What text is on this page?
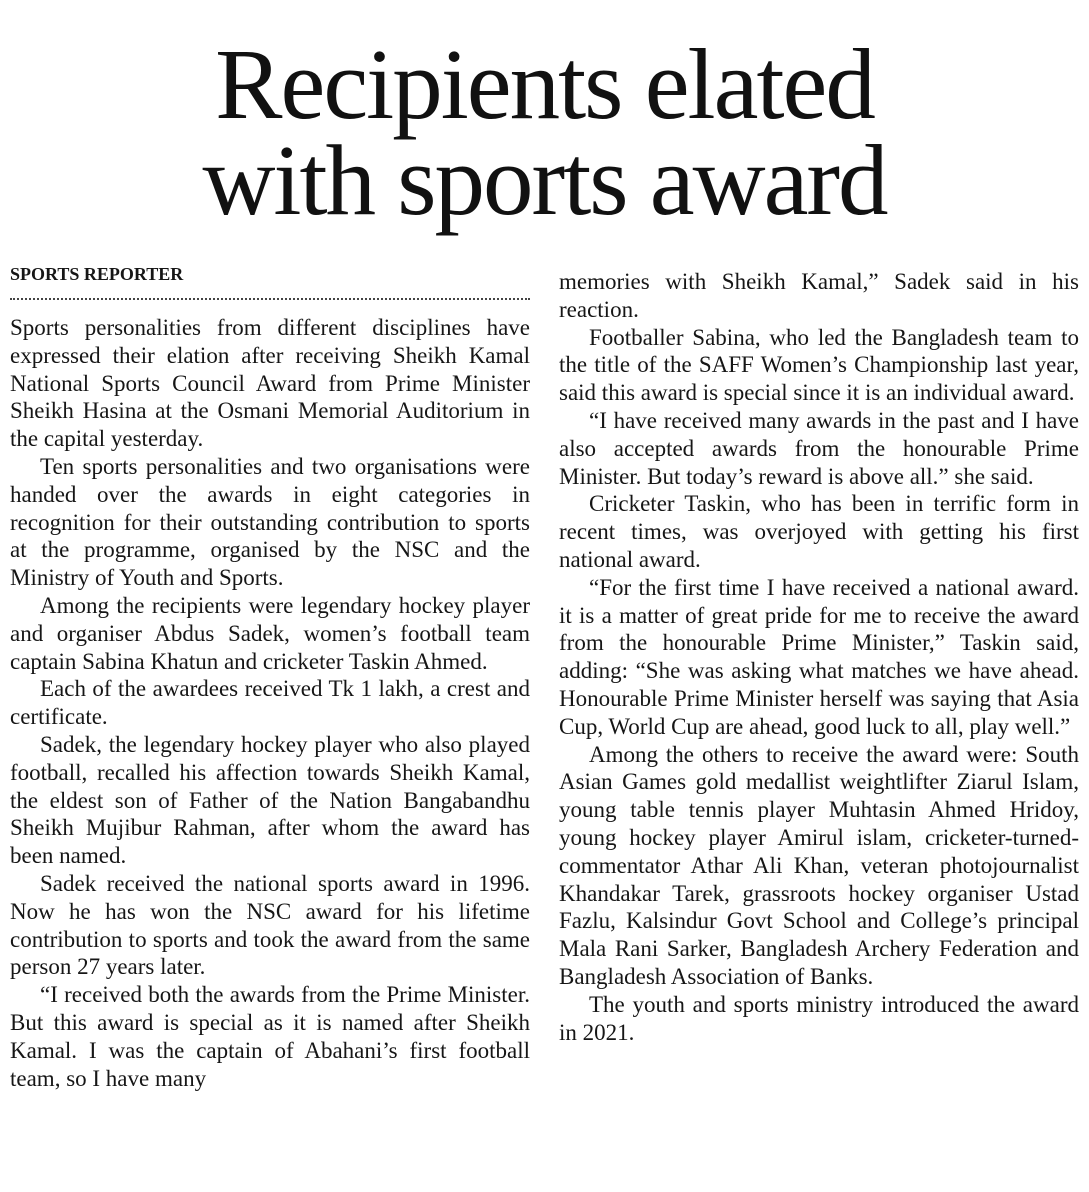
Recipients elated
with sports award
SPORTS REPORTER

Sports personalities from different disciplines have expressed their elation after receiving Sheikh Kamal National Sports Council Award from Prime Minister Sheikh Hasina at the Osmani Memorial Auditorium in the capital yesterday.

Ten sports personalities and two organisations were handed over the awards in eight categories in recognition for their outstanding contribution to sports at the programme, organised by the NSC and the Ministry of Youth and Sports.

Among the recipients were legendary hockey player and organiser Abdus Sadek, women’s football team captain Sabina Khatun and cricketer Taskin Ahmed.

Each of the awardees received Tk 1 lakh, a crest and certificate.

Sadek, the legendary hockey player who also played football, recalled his affection towards Sheikh Kamal, the eldest son of Father of the Nation Bangabandhu Sheikh Mujibur Rahman, after whom the award has been named.

Sadek received the national sports award in 1996. Now he has won the NSC award for his lifetime contribution to sports and took the award from the same person 27 years later.

“I received both the awards from the Prime Minister. But this award is special as it is named after Sheikh Kamal. I was the captain of Abahani’s first football team, so I have many

memories with Sheikh Kamal,” Sadek said in his reaction.

Footballer Sabina, who led the Bangladesh team to the title of the SAFF Women’s Championship last year, said this award is special since it is an individual award.

“I have received many awards in the past and I have also accepted awards from the honourable Prime Minister. But today’s reward is above all.” she said.

Cricketer Taskin, who has been in terrific form in recent times, was overjoyed with getting his first national award.

“For the first time I have received a national award. it is a matter of great pride for me to receive the award from the honourable Prime Minister,” Taskin said, adding: “She was asking what matches we have ahead. Honourable Prime Minister herself was saying that Asia Cup, World Cup are ahead, good luck to all, play well.”

Among the others to receive the award were: South Asian Games gold medallist weightlifter Ziarul Islam, young table tennis player Muhtasin Ahmed Hridoy, young hockey player Amirul islam, cricketer-turned-commentator Athar Ali Khan, veteran photojournalist Khandakar Tarek, grassroots hockey organiser Ustad Fazlu, Kalsindur Govt School and College’s principal Mala Rani Sarker, Bangladesh Archery Federation and Bangladesh Association of Banks.

The youth and sports ministry introduced the award in 2021.
